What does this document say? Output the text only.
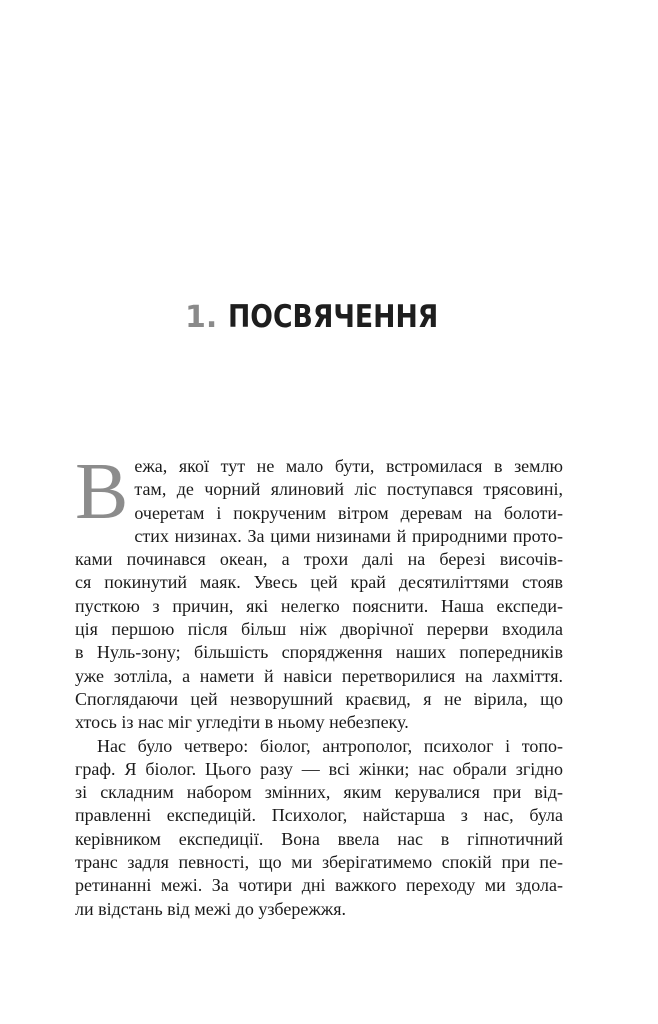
1. ПОСВЯЧЕННЯ
В ежа, якої тут не мало бути, встромилася в землю
там, де чорний ялиновий ліс поступався трясовині,
очеретам і покрученим вітром деревам на болоти-
стих низинах. За цими низинами й природними прото-
ками починався океан, а трохи далі на березі височів-
ся покинутий маяк. Увесь цей край десятиліттями стояв
пусткою з причин, які нелегко пояснити. Наша експеди-
ція першою після більш ніж дворічної перерви входила
в Нуль-зону; більшість спорядження наших попередників
уже зотліла, а намети й навіси перетворилися на лахміття.
Споглядаючи цей незворушний краєвид, я не вірила, що
хтось із нас міг угледіти в ньому небезпеку.
Нас було четверо: біолог, антрополог, психолог і топо-
граф. Я біолог. Цього разу — всі жінки; нас обрали згідно
зі складним набором змінних, яким керувалися при від-
правленні експедицій. Психолог, найстарша з нас, була
керівником експедиції. Вона ввела нас в гіпнотичний
транс задля певності, що ми зберігатимемо спокій при пе-
ретинанні межі. За чотири дні важкого переходу ми здола-
ли відстань від межі до узбережжя.
